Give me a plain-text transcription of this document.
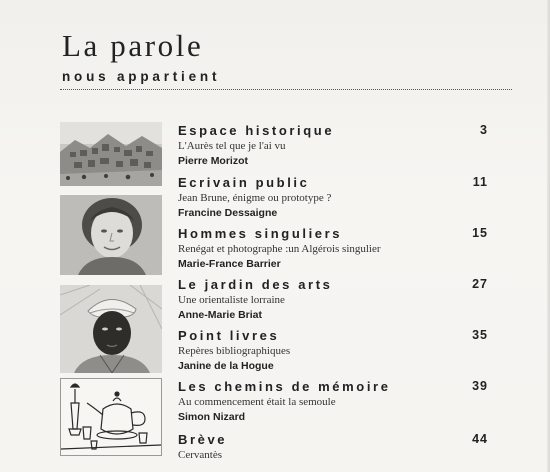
La parole
nous appartient
Espace historique	3
L'Aurès tel que je l'ai vu
Pierre Morizot
Ecrivain public	11
Jean Brune, énigme ou prototype ?
Francine Dessaigne
Hommes singuliers	15
Renégat et photographe :un Algérois singulier
Marie-France Barrier
Le jardin des arts	27
Une orientaliste lorraine
Anne-Marie Briat
Point livres	35
Repères bibliographiques
Janine de la Hogue
Les chemins de mémoire	39
Au commencement était la semoule
Simon Nizard
Brève	44
Cervantès
